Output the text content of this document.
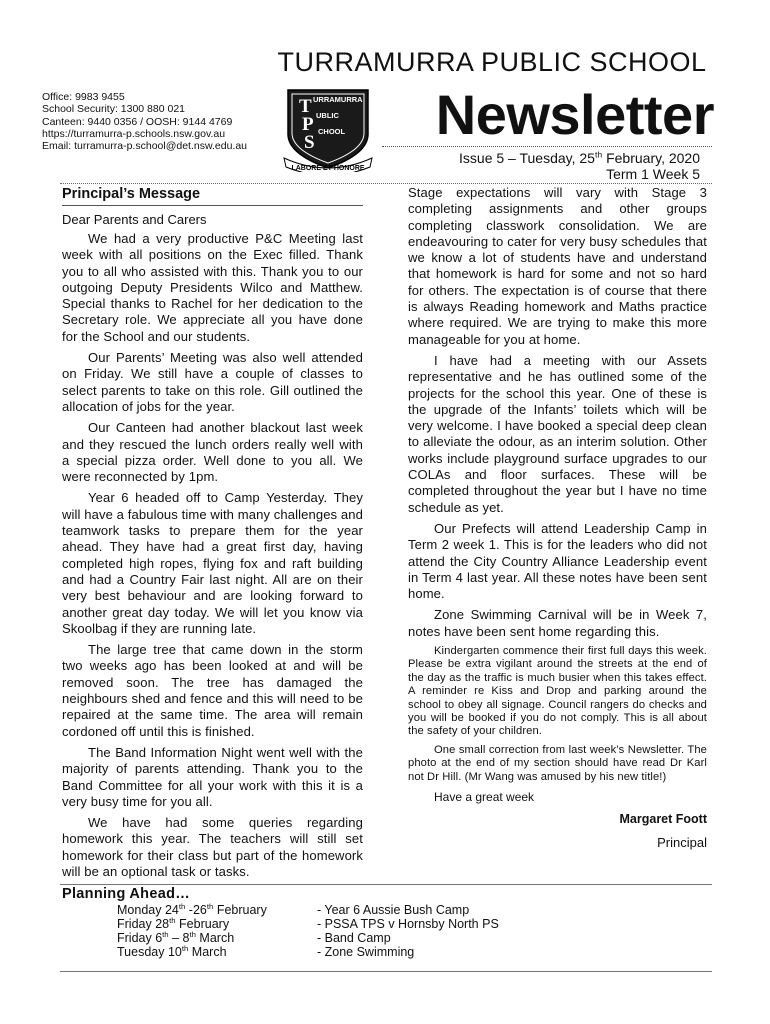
TURRAMURRA PUBLIC SCHOOL
Office: 9983 9455
School Security: 1300 880 021
Canteen: 9440 0356 / OOSH: 9144 4769
https://turramurra-p.schools.nsw.gov.au
Email: turramurra-p.school@det.nsw.edu.au
T
P
S
URRAMURRA
UBLIC
CHOOL
LABORE ET HONORE
Newsletter
Issue 5 – Tuesday, 25th February, 2020
Term 1 Week 5
Principal’s Message
Dear Parents and Carers

We had a very productive P&C Meeting last week with all positions on the Exec filled. Thank you to all who assisted with this. Thank you to our outgoing Deputy Presidents Wilco and Matthew. Special thanks to Rachel for her dedication to the Secretary role. We appreciate all you have done for the School and our students.

Our Parents’ Meeting was also well attended on Friday. We still have a couple of classes to select parents to take on this role. Gill outlined the allocation of jobs for the year.

Our Canteen had another blackout last week and they rescued the lunch orders really well with a special pizza order. Well done to you all. We were reconnected by 1pm.

Year 6 headed off to Camp Yesterday. They will have a fabulous time with many challenges and teamwork tasks to prepare them for the year ahead. They have had a great first day, having completed high ropes, flying fox and raft building and had a Country Fair last night. All are on their very best behaviour and are looking forward to another great day today. We will let you know via Skoolbag if they are running late.

The large tree that came down in the storm two weeks ago has been looked at and will be removed soon. The tree has damaged the neighbours shed and fence and this will need to be repaired at the same time. The area will remain cordoned off until this is finished.

The Band Information Night went well with the majority of parents attending. Thank you to the Band Committee for all your work with this it is a very busy time for you all.

We have had some queries regarding homework this year. The teachers will still set homework for their class but part of the homework will be an optional task or tasks.

Stage expectations will vary with Stage 3 completing assignments and other groups completing classwork consolidation. We are endeavouring to cater for very busy schedules that we know a lot of students have and understand that homework is hard for some and not so hard for others. The expectation is of course that there is always Reading homework and Maths practice where required. We are trying to make this more manageable for you at home.

I have had a meeting with our Assets representative and he has outlined some of the projects for the school this year. One of these is the upgrade of the Infants’ toilets which will be very welcome. I have booked a special deep clean to alleviate the odour, as an interim solution. Other works include playground surface upgrades to our COLAs and floor surfaces. These will be completed throughout the year but I have no time schedule as yet.

Our Prefects will attend Leadership Camp in Term 2 week 1. This is for the leaders who did not attend the City Country Alliance Leadership event in Term 4 last year. All these notes have been sent home.

Zone Swimming Carnival will be in Week 7, notes have been sent home regarding this.

Kindergarten commence their first full days this week. Please be extra vigilant around the streets at the end of the day as the traffic is much busier when this takes effect. A reminder re Kiss and Drop and parking around the school to obey all signage. Council rangers do checks and you will be booked if you do not comply. This is all about the safety of your children.

One small correction from last week’s Newsletter. The photo at the end of my section should have read Dr Karl not Dr Hill. (Mr Wang was amused by his new title!)

Have a great week
Margaret Foott
Principal
Planning Ahead…
Monday 24th -26th February	- Year 6 Aussie Bush Camp
Friday 28th February	- PSSA TPS v Hornsby North PS
Friday 6th – 8th March	- Band Camp
Tuesday 10th March	- Zone Swimming
